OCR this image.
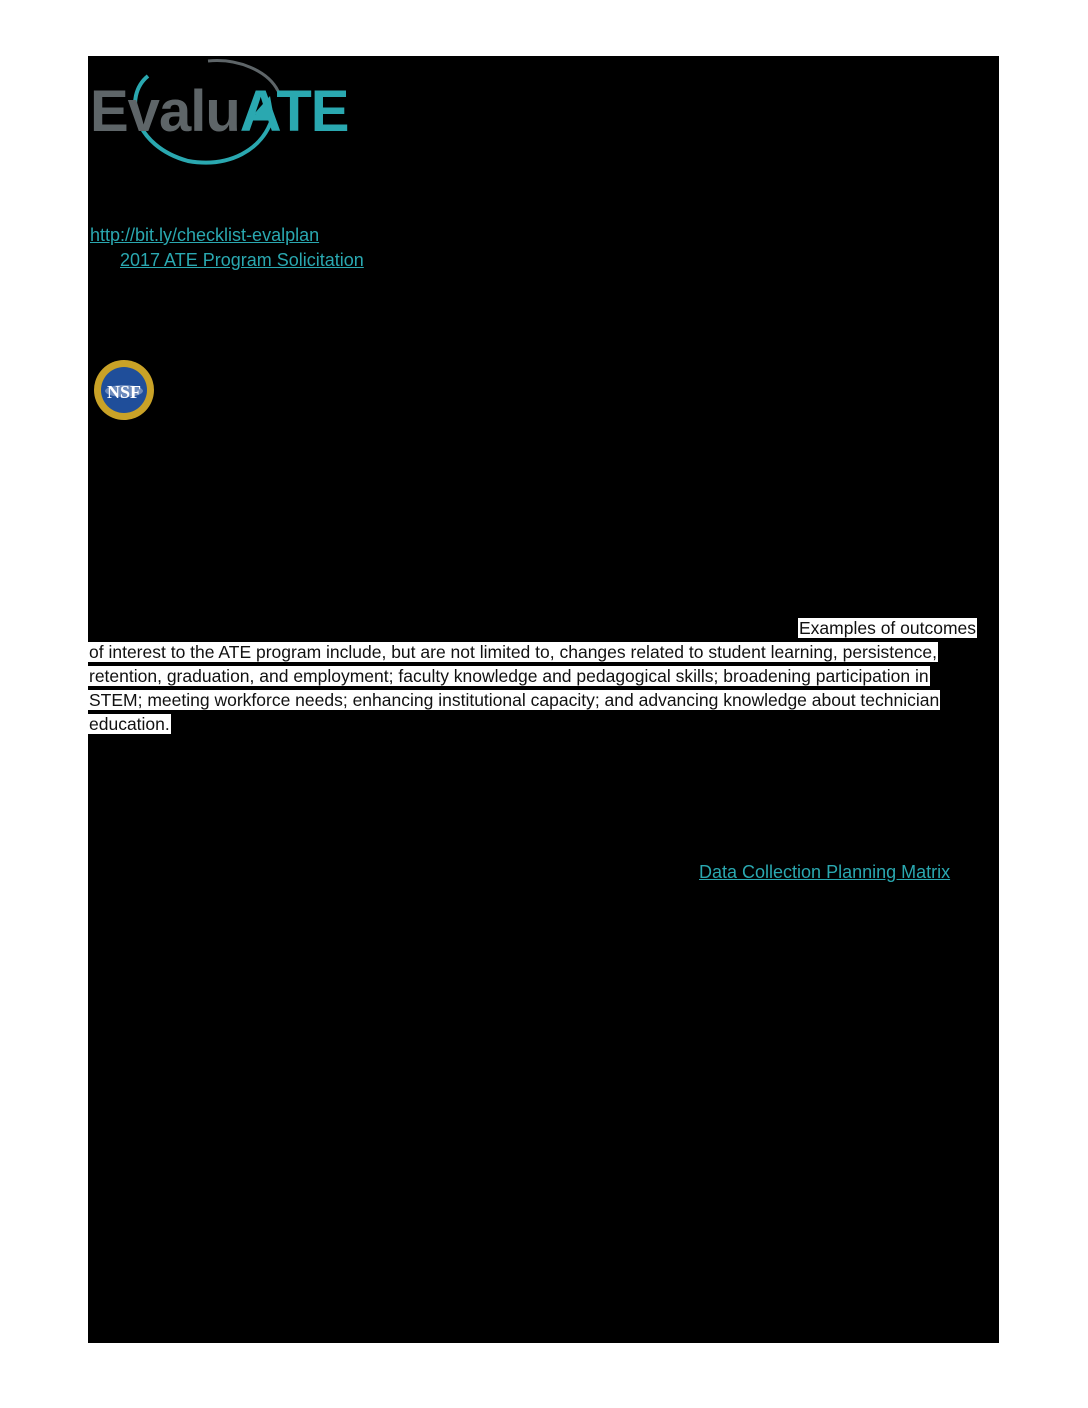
EvaluATE
http://bit.ly/checklist-evalplan
2017 ATE Program Solicitation
NSF
Examples of outcomes
of interest to the ATE program include, but are not limited to, changes related to student learning, persistence,
retention, graduation, and employment; faculty knowledge and pedagogical skills; broadening participation in
STEM; meeting workforce needs; enhancing institutional capacity; and advancing knowledge about technician
education.
Data Collection Planning Matrix
